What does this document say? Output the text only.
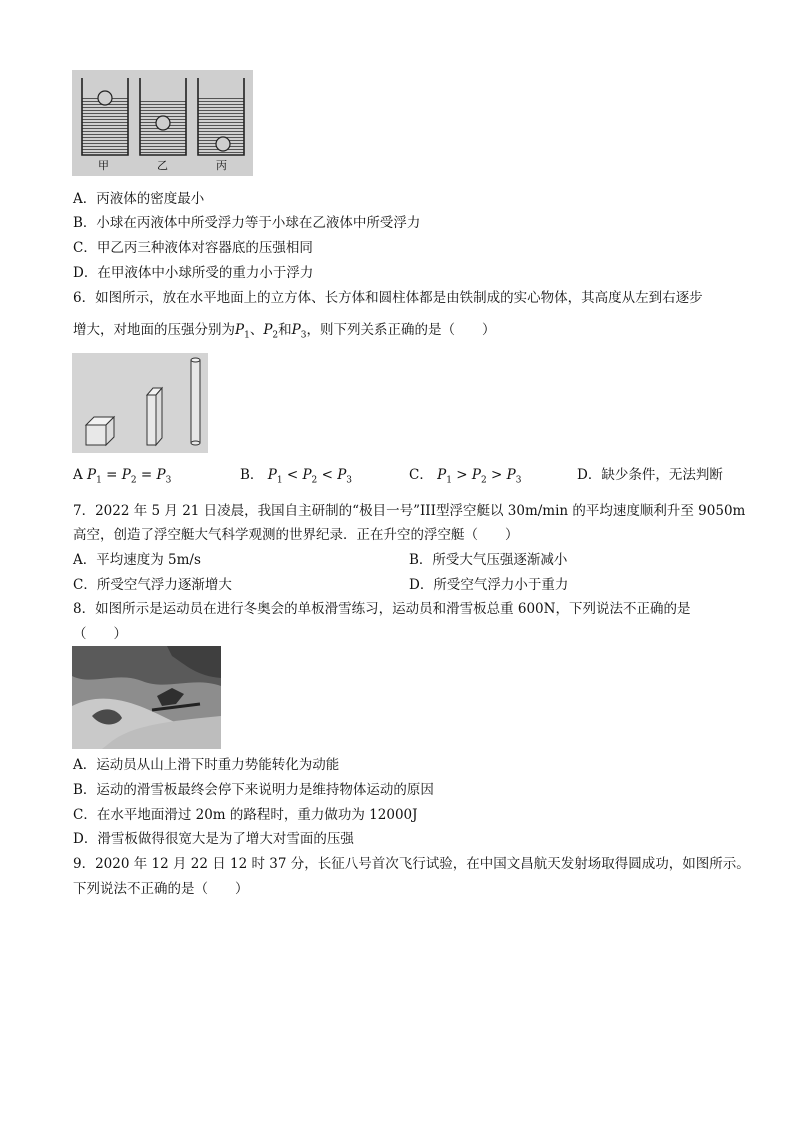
甲	乙	丙
A．丙液体的密度最小
B．小球在丙液体中所受浮力等于小球在乙液体中所受浮力
C．甲乙丙三种液体对容器底的压强相同
D．在甲液体中小球所受的重力小于浮力
6．如图所示，放在水平地面上的立方体、长方体和圆柱体都是由铁制成的实心物体，其高度从左到右逐步
增大，对地面的压强分别为$P_1$、$P_2$和$P_3$，则下列关系正确的是（　　）
A $P_1 = P_2 = P_3$	B． $P_1 < P_2 < P_3$	C． $P_1 > P_2 > P_3$	D．缺少条件，无法判断
7．2022 年 5 月 21 日凌晨，我国自主研制的“极目一号”III型浮空艇以 30m/min 的平均速度顺利升至 9050m
高空，创造了浮空艇大气科学观测的世界纪录．正在升空的浮空艇（　　）
A．平均速度为 5m/s	B．所受大气压强逐渐减小
C．所受空气浮力逐渐增大	D．所受空气浮力小于重力
8．如图所示是运动员在进行冬奥会的单板滑雪练习，运动员和滑雪板总重 600N，下列说法不正确的是
（　　）
A．运动员从山上滑下时重力势能转化为动能
B．运动的滑雪板最终会停下来说明力是维持物体运动的原因
C．在水平地面滑过 20m 的路程时，重力做功为 12000J
D．滑雪板做得很宽大是为了增大对雪面的压强
9．2020 年 12 月 22 日 12 时 37 分，长征八号首次飞行试验，在中国文昌航天发射场取得圆成功，如图所示。
下列说法不正确的是（　　）
